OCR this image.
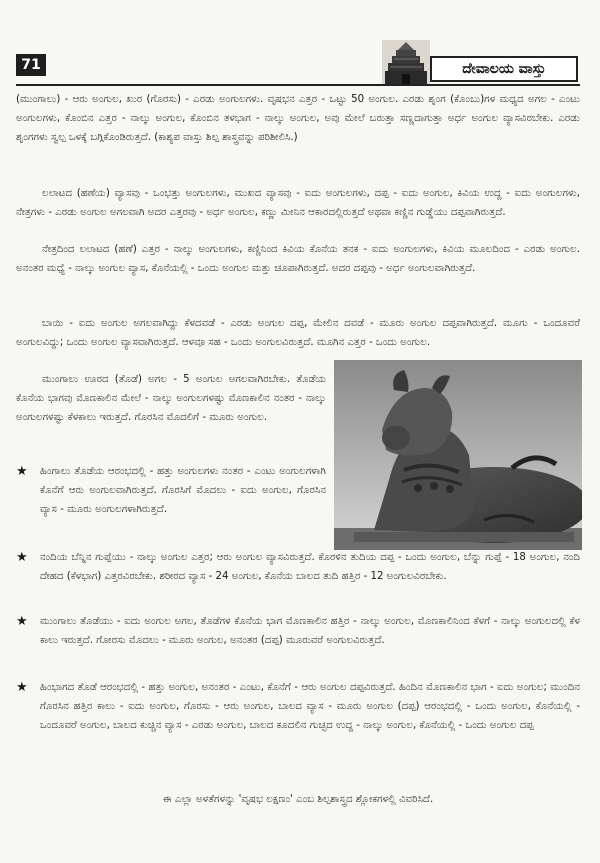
71	ದೇವಾಲಯ ವಾಸ್ತು
(ಮುಂಗಾಲು) - ಆರು ಅಂಗುಲ, ಖುರ (ಗೊರಸು) - ಎರಡು ಅಂಗುಲಗಳು. ವೃಷಭನ ಎತ್ತರ - ಒಟ್ಟು 50 ಅಂಗುಲ. ಎರಡು ಶೃಂಗ (ಕೊಂಬು)ಗಳ ಮಧ್ಯದ ಅಗಲ - ಎಂಟು ಅಂಗುಲಗಳು, ಕೊಂಬಿನ ಎತ್ತರ - ನಾಲ್ಕು ಅಂಗುಲ, ಕೊಂಬಿನ ತಳಭಾಗ - ನಾಲ್ಕು ಅಂಗುಲ, ಅವು ಮೇಲೆ ಬರುತ್ತಾ ಸಣ್ಣದಾಗುತ್ತಾ ಅರ್ಧ ಅಂಗುಲ ವ್ಯಾಸವಿರಬೇಕು. ಎರಡು ಶೃಂಗಗಳು ಸ್ವಲ್ಪ ಒಳಕ್ಕೆ ಬಗ್ಗಿಕೊಂಡಿರುತ್ತದೆ. (ಕಾಶ್ಯಪ ವಾಸ್ತು ಶಿಲ್ಪ ಶಾಸ್ತ್ರವನ್ನು ಪರಿಶೀಲಿಸಿ.)
ಲಲಾಟದ (ಹಣೆಯ) ವ್ಯಾಸವು - ಒಂಭತ್ತು ಅಂಗುಲಗಳು, ಮುಖದ ವ್ಯಾಸವು - ಐದು ಅಂಗುಲಗಳು, ದಪ್ಪ - ಐದು ಅಂಗುಲ, ಕಿವಿಯ ಉದ್ದ - ಐದು ಅಂಗುಲಗಳು, ನೇತ್ರಗಳು - ಎರಡು ಅಂಗುಲ ಅಗಲವಾಗಿ ಅದರ ಎತ್ತರವು - ಅರ್ಧ ಅಂಗುಲ, ಕಣ್ಣು ಮೀನಿನ ಆಕಾರದಲ್ಲಿರುತ್ತದೆ ಅಥವಾ ಕಣ್ಣಿನ ಗುಡ್ಡೆಯು ದಪ್ಪವಾಗಿರುತ್ತದೆ.
ನೇತ್ರದಿಂದ ಲಲಾಟದ (ಹಣೆ) ಎತ್ತರ - ನಾಲ್ಕು ಅಂಗುಲಗಳು, ಕಣ್ಣಿನಿಂದ ಕಿವಿಯ ಕೊನೆಯ ತನಕ - ಐದು ಅಂಗುಲಗಳು, ಕಿವಿಯ ಮೂಲದಿಂದ - ಎರಡು ಅಂಗುಲ. ಅನಂತರ ಮಧ್ಯೆ - ನಾಲ್ಕು ಅಂಗುಲ ವ್ಯಾಸ, ಕೊನೆಯಲ್ಲಿ - ಒಂದು ಅಂಗುಲ ಮತ್ತು ಚೂಪಾಗಿರುತ್ತದೆ. ಅದರ ದಪ್ಪವು - ಅರ್ಧ ಅಂಗುಲವಾಗಿರುತ್ತದೆ.
ಬಾಯಿ - ಐದು ಅಂಗುಲ ಅಗಲವಾಗಿದ್ದು ಕೆಳದವಡೆ - ಎರಡು ಅಂಗುಲ ದಪ್ಪ, ಮೇಲಿನ ದವಡೆ - ಮೂರು ಅಂಗುಲ ದಪ್ಪವಾಗಿರುತ್ತದೆ. ಮೂಗು - ಒಂದೂವರೆ ಅಂಗುಲವಿದ್ದು; ಒಂದು ಅಂಗುಲ ವ್ಯಾಸವಾಗಿರುತ್ತದೆ. ಆಳವೂ ಸಹ - ಒಂದು ಅಂಗುಲವಿರುತ್ತದೆ. ಮೂಗಿನ ಎತ್ತರ - ಒಂದು ಅಂಗುಲ.
ಮುಂಗಾಲು ಊರದ (ತೊಡೆ) ಅಗಲ - 5 ಅಂಗುಲ ಅಗಲವಾಗಿರಬೇಕು. ತೊಡೆಯ ಕೊನೆಯ ಭಾಗವು ಮೊಣಕಾಲಿನ ಮೇಲೆ - ನಾಲ್ಕು ಅಂಗುಲಗಳಷ್ಟು ಮೊಣಕಾಲಿನ ನಂತರ - ನಾಲ್ಕು ಅಂಗುಲಗಳಷ್ಟು ಕೆಳಕಾಲು ಇರುತ್ತದೆ. ಗೊರಸಿನ ಮೊದಲಿಗೆ - ಮೂರು ಅಂಗುಲ.
★ ಹಿಂಗಾಲು ತೊಡೆಯ ಆರಂಭದಲ್ಲಿ - ಹತ್ತು ಅಂಗುಲಗಳು ನಂತರ - ಎಂಟು ಅಂಗುಲಗಳಾಗಿ ಕೊನೆಗೆ ಆರು ಅಂಗುಲವಾಗಿರುತ್ತದೆ. ಗೊರಸಿಗೆ ಮೊದಲು - ಐದು ಅಂಗುಲ, ಗೊರಸಿನ ವ್ಯಾಸ - ಮೂರು ಅಂಗುಲಗಳಾಗಿರುತ್ತದೆ.
★ ನಂದಿಯ ಬೆನ್ನಿನ ಗುಪ್ಪೆಯು - ನಾಲ್ಕು ಅಂಗುಲ ಎತ್ತರ; ಆರು ಅಂಗುಲ ವ್ಯಾಸವಿರುತ್ತದೆ. ಕೊರಳಿನ ತುದಿಯ ದಪ್ಪ - ಒಂದು ಅಂಗುಲ, ಬೆನ್ನು ಗುಪ್ಪೆ - 18 ಅಂಗುಲ, ನಂದಿ ದೇಹದ (ಕೆಳಭಾಗ) ಎತ್ತರವಿರಬೇಕು. ಶರೀರದ ವ್ಯಾಸ - 24 ಅಂಗುಲ, ಕೊನೆಯ ಬಾಲದ ತುದಿ ಹತ್ತಿರ - 12 ಅಂಗುಲವಿರಬೇಕು.
★ ಮುಂಗಾಲು ತೊಡೆಯು - ಐದು ಅಂಗುಲ ಅಗಲ, ತೊಡೆಗಳ ಕೊನೆಯ ಭಾಗ ಮೊಣಕಾಲಿನ ಹತ್ತಿರ - ನಾಲ್ಕು ಅಂಗುಲ, ಮೊಣಕಾಲಿನಿಂದ ಕೆಳಗೆ - ನಾಲ್ಕು ಅಂಗುಲದಲ್ಲಿ ಕೆಳ ಕಾಲು ಇರುತ್ತದೆ. ಗೋರಸು ಮೊದಲು - ಮೂರು ಅಂಗುಲ, ಅನಂತರ (ದಪ್ಪ) ಮೂರುವರೆ ಅಂಗುಲವಿರುತ್ತದೆ.
★ ಹಿಂಭಾಗದ ತೊಡೆ ಆರಂಭದಲ್ಲಿ - ಹತ್ತು ಅಂಗುಲ, ಅನಂತರ - ಎಂಟು, ಕೊನೆಗೆ - ಆರು ಅಂಗುಲ ದಪ್ಪವಿರುತ್ತದೆ. ಹಿಂದಿನ ಮೊಣಕಾಲಿನ ಭಾಗ - ಐದು ಅಂಗುಲ; ಮುಂದಿನ ಗೊರಸಿನ ಹತ್ತಿರ ಕಾಲು - ಐದು ಅಂಗುಲ, ಗೊರಸು - ಆರು ಅಂಗುಲ, ಬಾಲದ ವ್ಯಾಸ - ಮೂರು ಅಂಗುಲ (ದಪ್ಪ) ಆರಂಭದಲ್ಲಿ - ಒಂದು ಅಂಗುಲ, ಕೊನೆಯಲ್ಲಿ - ಒಂದೂವರೆ ಅಂಗುಲ, ಬಾಲದ ಕುಚ್ಚಿನ ವ್ಯಾಸ - ಎರಡು ಅಂಗುಲ, ಬಾಲದ ಕೂದಲಿನ ಗುಚ್ಛದ ಉದ್ದ - ನಾಲ್ಕು ಅಂಗುಲ, ಕೊನೆಯಲ್ಲಿ - ಒಂದು ಅಂಗುಲ ದಪ್ಪ
ಈ ಎಲ್ಲಾ ಅಳತೆಗಳನ್ನು 'ವೃಷಭ ಲಕ್ಷಣಂ' ಎಂಬ ಶಿಲ್ಪಶಾಸ್ತ್ರದ ಶ್ಲೋಕಗಳಲ್ಲಿ ವಿವರಿಸಿದೆ.
